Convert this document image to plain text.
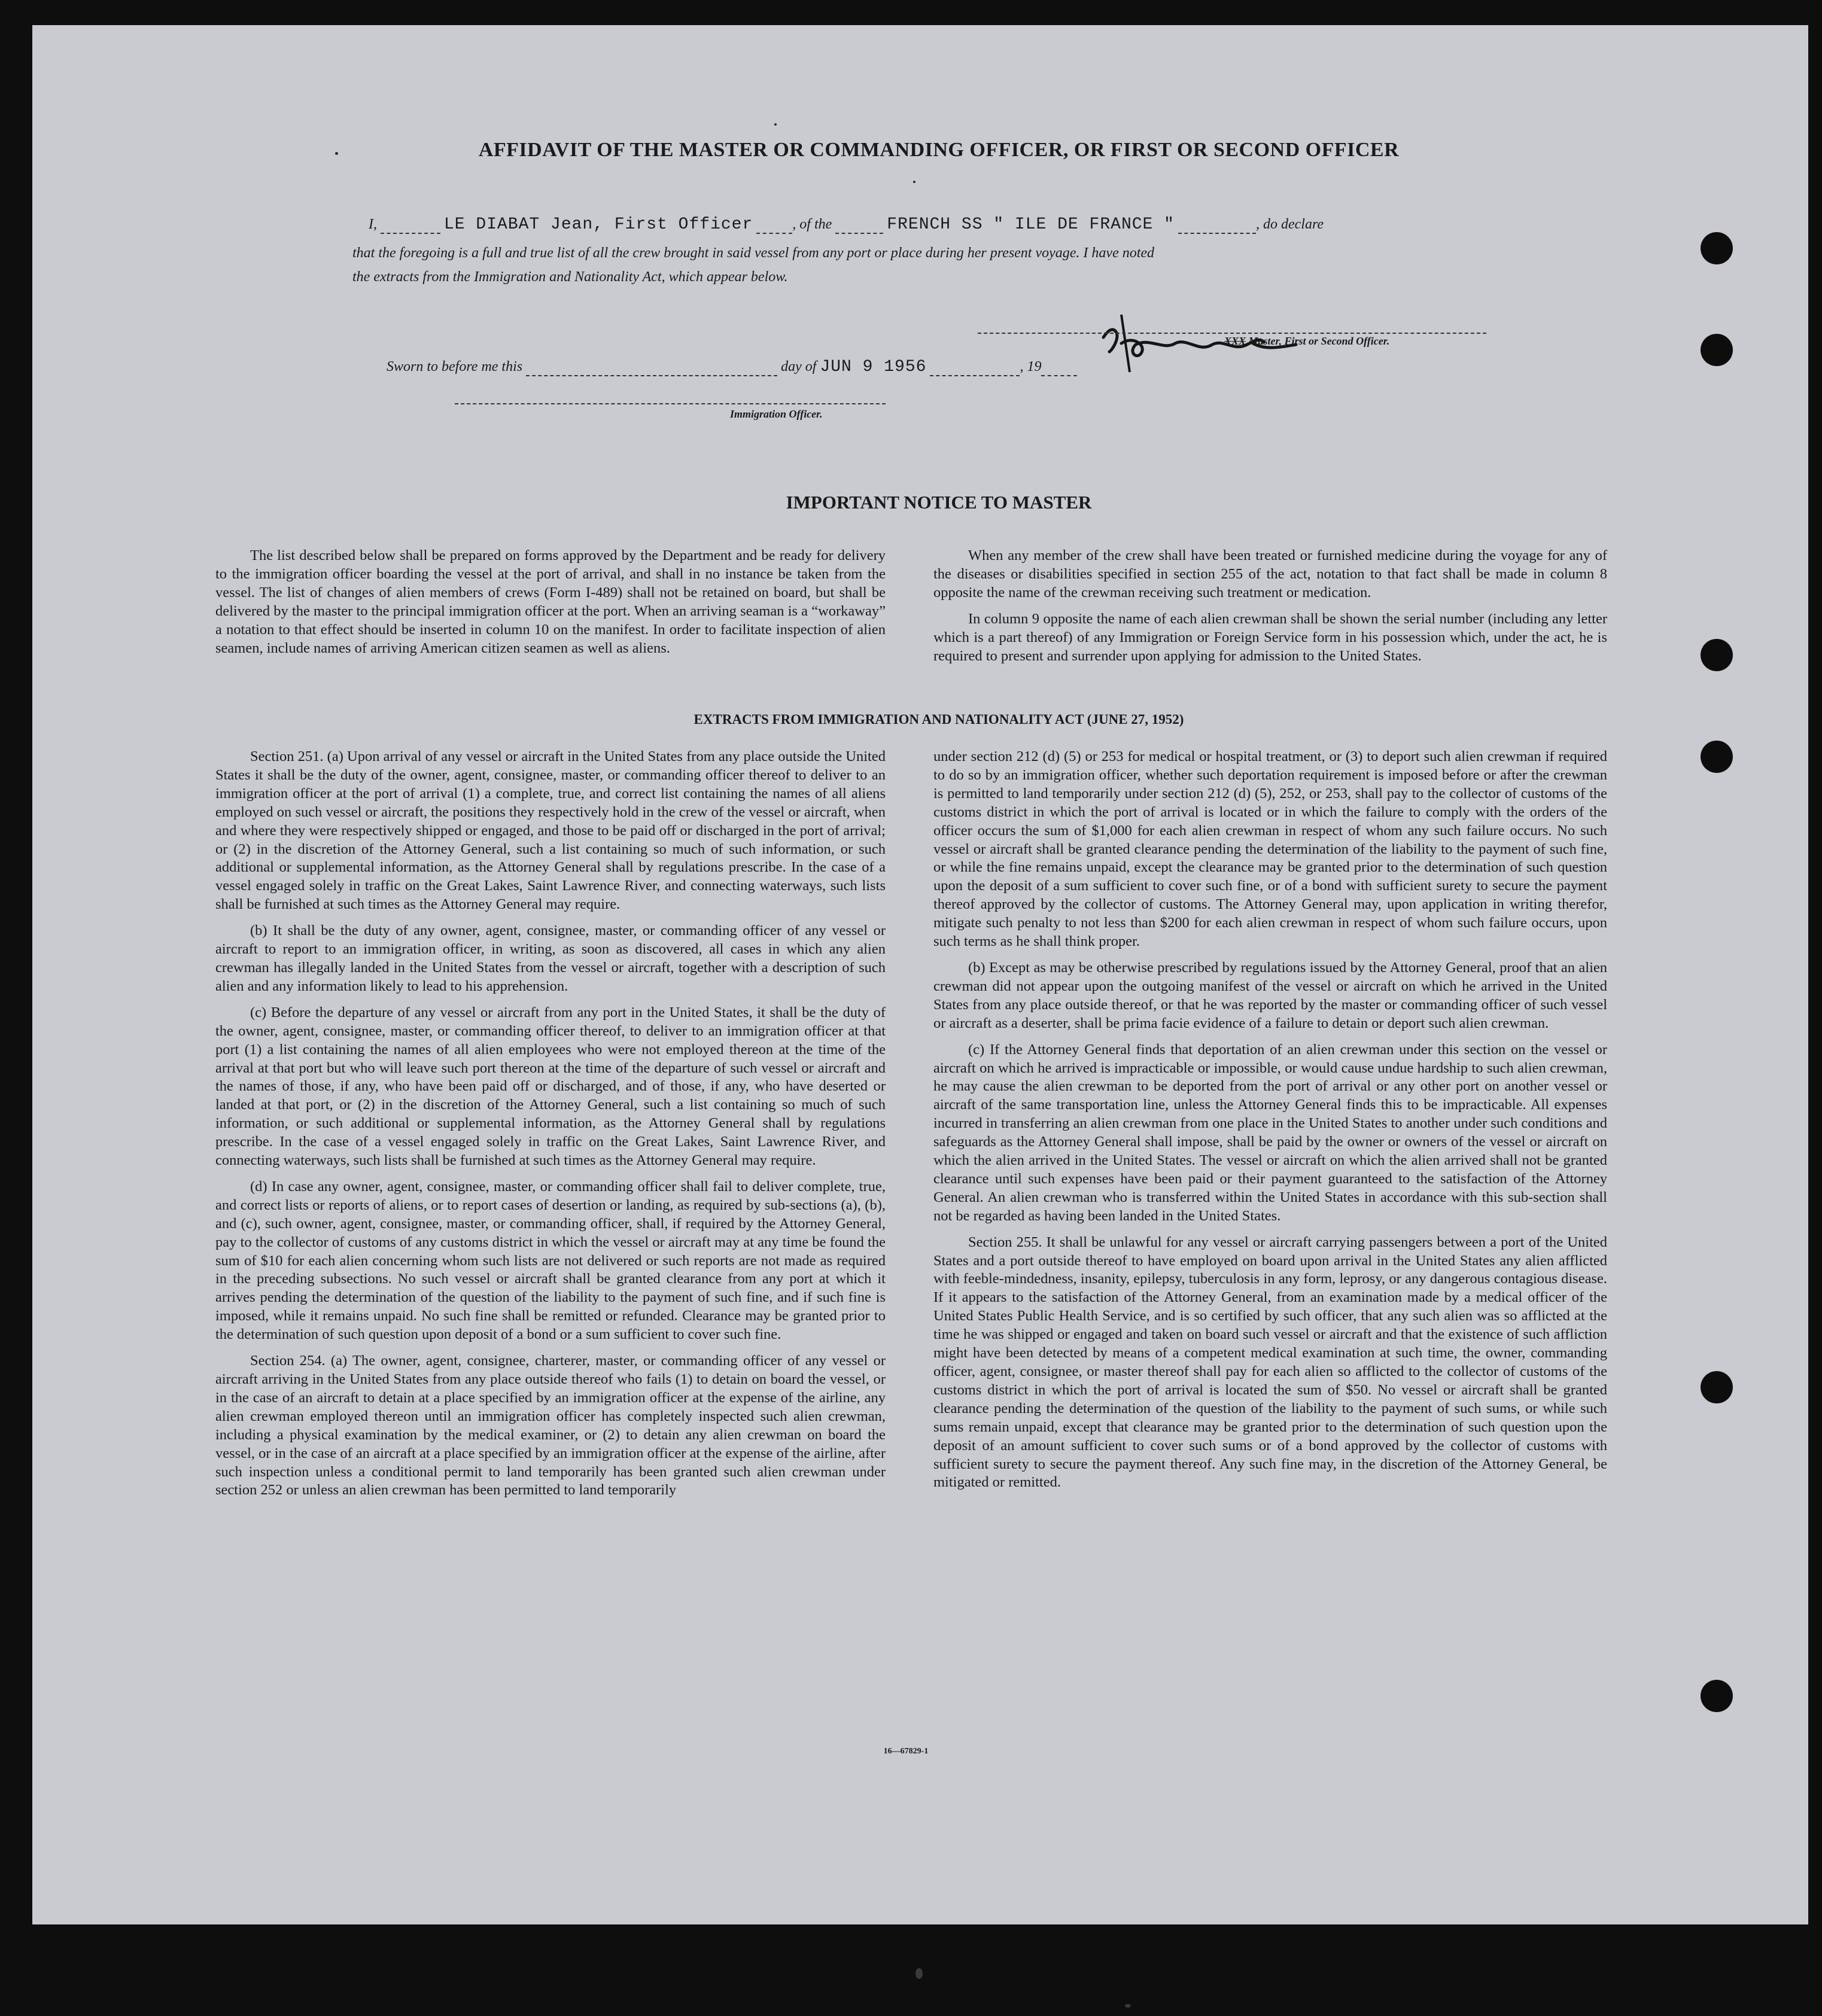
AFFIDAVIT OF THE MASTER OR COMMANDING OFFICER, OR FIRST OR SECOND OFFICER
I,	LE DIABAT Jean, First Officer	, of the	FRENCH SS " ILE DE FRANCE "	, do declare
that the foregoing is a full and true list of all the crew brought in said vessel from any port or place during her present voyage. I have noted
the extracts from the Immigration and Nationality Act, which appear below.
XXX Master, First or Second Officer.
Sworn to before me this	day of JUN 9 1956	, 19
Immigration Officer.
IMPORTANT NOTICE TO MASTER

The list described below shall be prepared on forms approved by the Department and be ready for delivery to the immigration officer boarding the vessel at the port of arrival, and shall in no instance be taken from the vessel. The list of changes of alien members of crews (Form I-489) shall not be retained on board, but shall be delivered by the master to the principal immigration officer at the port. When an arriving seaman is a “workaway” a notation to that effect should be inserted in column 10 on the manifest. In order to facilitate inspection of alien seamen, include names of arriving American citizen seamen as well as aliens.

When any member of the crew shall have been treated or furnished medicine during the voyage for any of the diseases or disabilities specified in section 255 of the act, notation to that fact shall be made in column 8 opposite the name of the crewman receiving such treatment or medication.

In column 9 opposite the name of each alien crewman shall be shown the serial number (including any letter which is a part thereof) of any Immigration or Foreign Service form in his possession which, under the act, he is required to present and surrender upon applying for admission to the United States.

EXTRACTS FROM IMMIGRATION AND NATIONALITY ACT (JUNE 27, 1952)

Section 251. (a) Upon arrival of any vessel or aircraft in the United States from any place outside the United States it shall be the duty of the owner, agent, consignee, master, or commanding officer thereof to deliver to an immigration officer at the port of arrival (1) a complete, true, and correct list containing the names of all aliens employed on such vessel or aircraft, the positions they respectively hold in the crew of the vessel or aircraft, when and where they were respectively shipped or engaged, and those to be paid off or discharged in the port of arrival; or (2) in the discretion of the Attorney General, such a list containing so much of such information, or such additional or supplemental information, as the Attorney General shall by regulations prescribe. In the case of a vessel engaged solely in traffic on the Great Lakes, Saint Lawrence River, and connecting waterways, such lists shall be furnished at such times as the Attorney General may require.

(b) It shall be the duty of any owner, agent, consignee, master, or commanding officer of any vessel or aircraft to report to an immigration officer, in writing, as soon as discovered, all cases in which any alien crewman has illegally landed in the United States from the vessel or aircraft, together with a description of such alien and any information likely to lead to his apprehension.

(c) Before the departure of any vessel or aircraft from any port in the United States, it shall be the duty of the owner, agent, consignee, master, or commanding officer thereof, to deliver to an immigration officer at that port (1) a list containing the names of all alien employees who were not employed thereon at the time of the arrival at that port but who will leave such port thereon at the time of the departure of such vessel or aircraft and the names of those, if any, who have been paid off or discharged, and of those, if any, who have deserted or landed at that port, or (2) in the discretion of the Attorney General, such a list containing so much of such information, or such additional or supplemental information, as the Attorney General shall by regulations prescribe. In the case of a vessel engaged solely in traffic on the Great Lakes, Saint Lawrence River, and connecting waterways, such lists shall be furnished at such times as the Attorney General may require.

(d) In case any owner, agent, consignee, master, or commanding officer shall fail to deliver complete, true, and correct lists or reports of aliens, or to report cases of desertion or landing, as required by sub-sections (a), (b), and (c), such owner, agent, consignee, master, or commanding officer, shall, if required by the Attorney General, pay to the collector of customs of any customs district in which the vessel or aircraft may at any time be found the sum of $10 for each alien concerning whom such lists are not delivered or such reports are not made as required in the preceding subsections. No such vessel or aircraft shall be granted clearance from any port at which it arrives pending the determination of the question of the liability to the payment of such fine, and if such fine is imposed, while it remains unpaid. No such fine shall be remitted or refunded. Clearance may be granted prior to the determination of such question upon deposit of a bond or a sum sufficient to cover such fine.

Section 254. (a) The owner, agent, consignee, charterer, master, or commanding officer of any vessel or aircraft arriving in the United States from any place outside thereof who fails (1) to detain on board the vessel, or in the case of an aircraft to detain at a place specified by an immigration officer at the expense of the airline, any alien crewman employed thereon until an immigration officer has completely inspected such alien crewman, including a physical examination by the medical examiner, or (2) to detain any alien crewman on board the vessel, or in the case of an aircraft at a place specified by an immigration officer at the expense of the airline, after such inspection unless a conditional permit to land temporarily has been granted such alien crewman under section 252 or unless an alien crewman has been permitted to land temporarily

under section 212 (d) (5) or 253 for medical or hospital treatment, or (3) to deport such alien crewman if required to do so by an immigration officer, whether such deportation requirement is imposed before or after the crewman is permitted to land temporarily under section 212 (d) (5), 252, or 253, shall pay to the collector of customs of the customs district in which the port of arrival is located or in which the failure to comply with the orders of the officer occurs the sum of $1,000 for each alien crewman in respect of whom any such failure occurs. No such vessel or aircraft shall be granted clearance pending the determination of the liability to the payment of such fine, or while the fine remains unpaid, except the clearance may be granted prior to the determination of such question upon the deposit of a sum sufficient to cover such fine, or of a bond with sufficient surety to secure the payment thereof approved by the collector of customs. The Attorney General may, upon application in writing therefor, mitigate such penalty to not less than $200 for each alien crewman in respect of whom such failure occurs, upon such terms as he shall think proper.

(b) Except as may be otherwise prescribed by regulations issued by the Attorney General, proof that an alien crewman did not appear upon the outgoing manifest of the vessel or aircraft on which he arrived in the United States from any place outside thereof, or that he was reported by the master or commanding officer of such vessel or aircraft as a deserter, shall be prima facie evidence of a failure to detain or deport such alien crewman.

(c) If the Attorney General finds that deportation of an alien crewman under this section on the vessel or aircraft on which he arrived is impracticable or impossible, or would cause undue hardship to such alien crewman, he may cause the alien crewman to be deported from the port of arrival or any other port on another vessel or aircraft of the same transportation line, unless the Attorney General finds this to be impracticable. All expenses incurred in transferring an alien crewman from one place in the United States to another under such conditions and safeguards as the Attorney General shall impose, shall be paid by the owner or owners of the vessel or aircraft on which the alien arrived in the United States. The vessel or aircraft on which the alien arrived shall not be granted clearance until such expenses have been paid or their payment guaranteed to the satisfaction of the Attorney General. An alien crewman who is transferred within the United States in accordance with this sub-section shall not be regarded as having been landed in the United States.

Section 255. It shall be unlawful for any vessel or aircraft carrying passengers between a port of the United States and a port outside thereof to have employed on board upon arrival in the United States any alien afflicted with feeble-mindedness, insanity, epilepsy, tuberculosis in any form, leprosy, or any dangerous contagious disease. If it appears to the satisfaction of the Attorney General, from an examination made by a medical officer of the United States Public Health Service, and is so certified by such officer, that any such alien was so afflicted at the time he was shipped or engaged and taken on board such vessel or aircraft and that the existence of such affliction might have been detected by means of a competent medical examination at such time, the owner, commanding officer, agent, consignee, or master thereof shall pay for each alien so afflicted to the collector of customs of the customs district in which the port of arrival is located the sum of $50. No vessel or aircraft shall be granted clearance pending the determination of the question of the liability to the payment of such sums, or while such sums remain unpaid, except that clearance may be granted prior to the determination of such question upon the deposit of an amount sufficient to cover such sums or of a bond approved by the collector of customs with sufficient surety to secure the payment thereof. Any such fine may, in the discretion of the Attorney General, be mitigated or remitted.

16—67829-1
